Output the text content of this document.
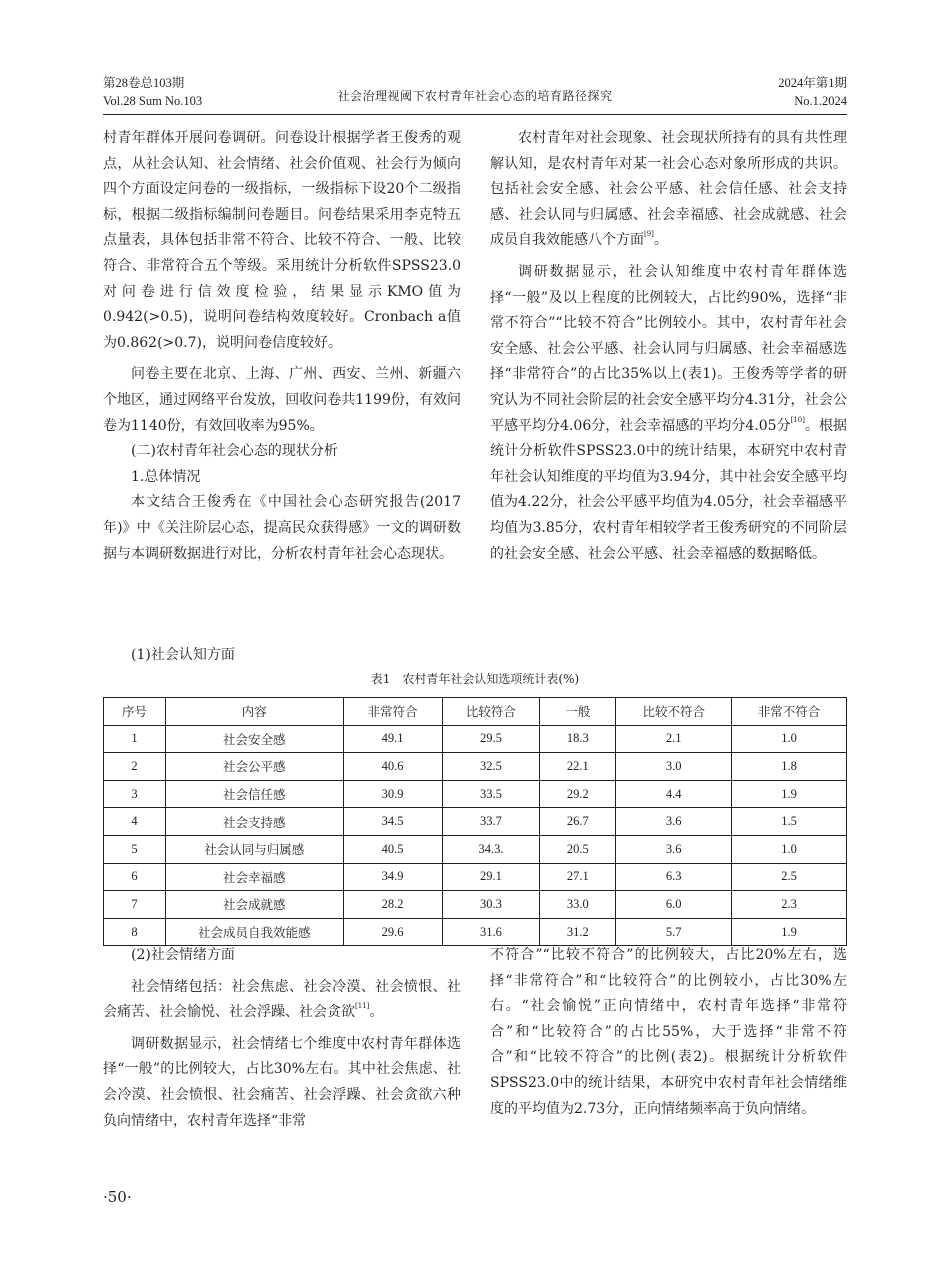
第28卷总103期
Vol.28 Sum No.103	社会治理视阈下农村青年社会心态的培育路径探究
2024年第1期
No.1.2024

村青年群体开展问卷调研。问卷设计根据学者王俊秀的观点，从社会认知、社会情绪、社会价值观、社会行为倾向四个方面设定问卷的一级指标，一级指标下设20个二级指标，根据二级指标编制问卷题目。问卷结果采用李克特五点量表，具体包括非常不符合、比较不符合、一般、比较符合、非常符合五个等级。采用统计分析软件SPSS23.0对问卷进行信效度检验，结果显示KMO值为0.942(>0.5)，说明问卷结构效度较好。Cronbach a值为0.862(>0.7)，说明问卷信度较好。

问卷主要在北京、上海、广州、西安、兰州、新疆六个地区，通过网络平台发放，回收问卷共1199份，有效问卷为1140份，有效回收率为95%。

(二)农村青年社会心态的现状分析

1.总体情况

本文结合王俊秀在《中国社会心态研究报告(2017年)》中《关注阶层心态，提高民众获得感》一文的调研数据与本调研数据进行对比，分析农村青年社会心态现状。

(1)社会认知方面

农村青年对社会现象、社会现状所持有的具有共性理解认知，是农村青年对某一社会心态对象所形成的共识。包括社会安全感、社会公平感、社会信任感、社会支持感、社会认同与归属感、社会幸福感、社会成就感、社会成员自我效能感八个方面[9]。

调研数据显示，社会认知维度中农村青年群体选择“一般”及以上程度的比例较大，占比约90%，选择“非常不符合”“比较不符合”比例较小。其中，农村青年社会安全感、社会公平感、社会认同与归属感、社会幸福感选择“非常符合”的占比35%以上(表1)。王俊秀等学者的研究认为不同社会阶层的社会安全感平均分4.31分，社会公平感平均分4.06分，社会幸福感的平均分4.05分[10]。根据统计分析软件SPSS23.0中的统计结果，本研究中农村青年社会认知维度的平均值为3.94分，其中社会安全感平均值为4.22分，社会公平感平均值为4.05分，社会幸福感平均值为3.85分，农村青年相较学者王俊秀研究的不同阶层的社会安全感、社会公平感、社会幸福感的数据略低。

表1　农村青年社会认知选项统计表(%)
序号	内容	非常符合	比较符合	一般	比较不符合	非常不符合
1	社会安全感	49.1	29.5	18.3	2.1	1.0
2	社会公平感	40.6	32.5	22.1	3.0	1.8
3	社会信任感	30.9	33.5	29.2	4.4	1.9
4	社会支持感	34.5	33.7	26.7	3.6	1.5
5	社会认同与归属感	40.5	34.3.	20.5	3.6	1.0
6	社会幸福感	34.9	29.1	27.1	6.3	2.5
7	社会成就感	28.2	30.3	33.0	6.0	2.3
8	社会成员自我效能感	29.6	31.6	31.2	5.7	1.9

(2)社会情绪方面

社会情绪包括：社会焦虑、社会冷漠、社会愤恨、社会痛苦、社会愉悦、社会浮躁、社会贪欲[11]。

调研数据显示，社会情绪七个维度中农村青年群体选择“一般”的比例较大，占比30%左右。其中社会焦虑、社会冷漠、社会愤恨、社会痛苦、社会浮躁、社会贪欲六种负向情绪中，农村青年选择“非常

不符合”“比较不符合”的比例较大，占比20%左右，选择“非常符合”和“比较符合”的比例较小，占比30%左右。“社会愉悦”正向情绪中，农村青年选择“非常符合”和“比较符合”的占比55%，大于选择“非常不符合”和“比较不符合”的比例(表2)。根据统计分析软件SPSS23.0中的统计结果，本研究中农村青年社会情绪维度的平均值为2.73分，正向情绪频率高于负向情绪。

·50·
